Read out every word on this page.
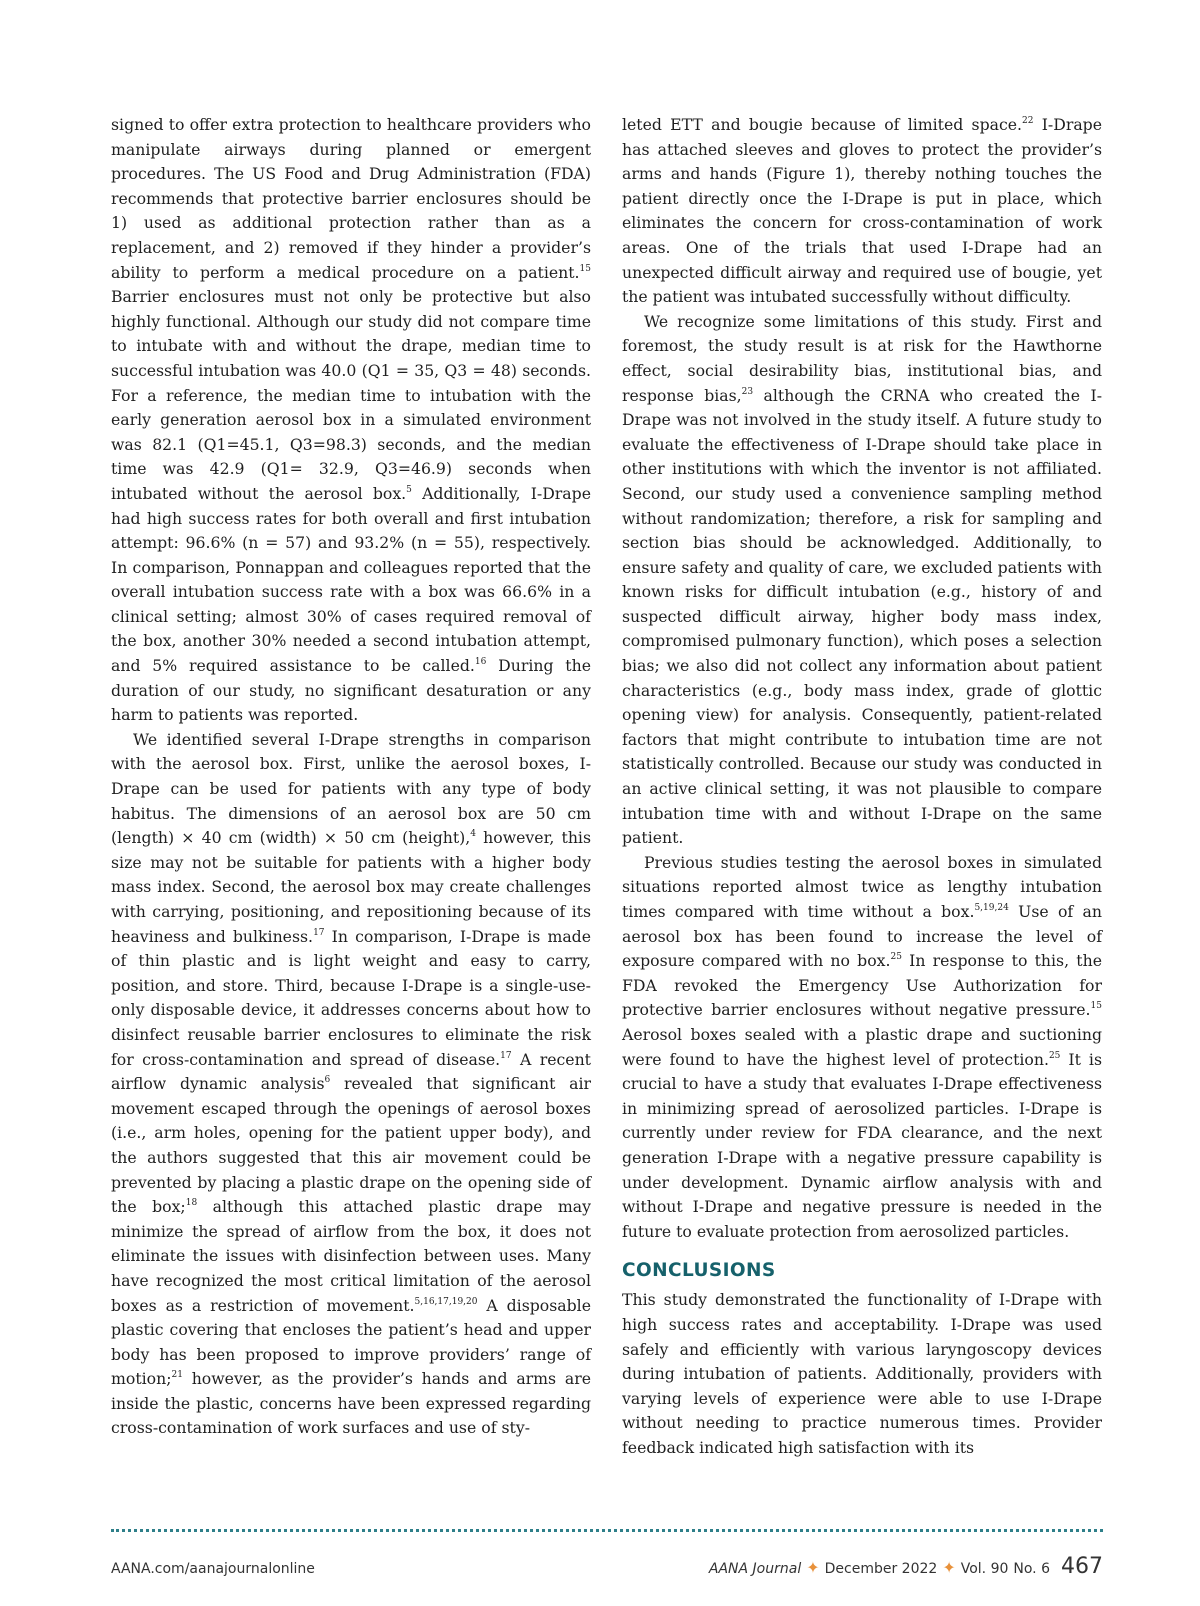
signed to offer extra protection to healthcare providers who manipulate airways during planned or emergent procedures. The US Food and Drug Administration (FDA) recommends that protective barrier enclosures should be 1) used as additional protection rather than as a replacement, and 2) removed if they hinder a provider’s ability to perform a medical procedure on a patient.$^{15}$ Barrier enclosures must not only be protective but also highly functional. Although our study did not compare time to intubate with and without the drape, median time to successful intubation was 40.0 (Q1 = 35, Q3 = 48) seconds. For a reference, the median time to intubation with the early generation aerosol box in a simulated environment was 82.1 (Q1=45.1, Q3=98.3) seconds, and the median time was 42.9 (Q1= 32.9, Q3=46.9) seconds when intubated without the aerosol box.$^5$ Additionally, I-Drape had high success rates for both overall and first intubation attempt: 96.6% (n = 57) and 93.2% (n = 55), respectively. In comparison, Ponnappan and colleagues reported that the overall intubation success rate with a box was 66.6% in a clinical setting; almost 30% of cases required removal of the box, another 30% needed a second intubation attempt, and 5% required assistance to be called.$^{16}$ During the duration of our study, no significant desaturation or any harm to patients was reported.

We identified several I-Drape strengths in comparison with the aerosol box. First, unlike the aerosol boxes, I-Drape can be used for patients with any type of body habitus. The dimensions of an aerosol box are 50 cm (length) × 40 cm (width) × 50 cm (height),$^4$ however, this size may not be suitable for patients with a higher body mass index. Second, the aerosol box may create challenges with carrying, positioning, and repositioning because of its heaviness and bulkiness.$^{17}$ In comparison, I-Drape is made of thin plastic and is light weight and easy to carry, position, and store. Third, because I-Drape is a single-use-only disposable device, it addresses concerns about how to disinfect reusable barrier enclosures to eliminate the risk for cross-contamination and spread of disease.$^{17}$ A recent airflow dynamic analysis$^6$ revealed that significant air movement escaped through the openings of aerosol boxes (i.e., arm holes, opening for the patient upper body), and the authors suggested that this air movement could be prevented by placing a plastic drape on the opening side of the box;$^{18}$ although this attached plastic drape may minimize the spread of airflow from the box, it does not eliminate the issues with disinfection between uses. Many have recognized the most critical limitation of the aerosol boxes as a restriction of movement.$^{5,16,17,19,20}$ A disposable plastic covering that encloses the patient’s head and upper body has been proposed to improve providers’ range of motion;$^{21}$ however, as the provider’s hands and arms are inside the plastic, concerns have been expressed regarding cross-contamination of work surfaces and use of sty-

leted ETT and bougie because of limited space.$^{22}$ I-Drape has attached sleeves and gloves to protect the provider’s arms and hands (Figure 1), thereby nothing touches the patient directly once the I-Drape is put in place, which eliminates the concern for cross-contamination of work areas. One of the trials that used I-Drape had an unexpected difficult airway and required use of bougie, yet the patient was intubated successfully without difficulty.

We recognize some limitations of this study. First and foremost, the study result is at risk for the Hawthorne effect, social desirability bias, institutional bias, and response bias,$^{23}$ although the CRNA who created the I-Drape was not involved in the study itself. A future study to evaluate the effectiveness of I-Drape should take place in other institutions with which the inventor is not affiliated. Second, our study used a convenience sampling method without randomization; therefore, a risk for sampling and section bias should be acknowledged. Additionally, to ensure safety and quality of care, we excluded patients with known risks for difficult intubation (e.g., history of and suspected difficult airway, higher body mass index, compromised pulmonary function), which poses a selection bias; we also did not collect any information about patient characteristics (e.g., body mass index, grade of glottic opening view) for analysis. Consequently, patient-related factors that might contribute to intubation time are not statistically controlled. Because our study was conducted in an active clinical setting, it was not plausible to compare intubation time with and without I-Drape on the same patient.

Previous studies testing the aerosol boxes in simulated situations reported almost twice as lengthy intubation times compared with time without a box.$^{5,19,24}$ Use of an aerosol box has been found to increase the level of exposure compared with no box.$^{25}$ In response to this, the FDA revoked the Emergency Use Authorization for protective barrier enclosures without negative pressure.$^{15}$ Aerosol boxes sealed with a plastic drape and suctioning were found to have the highest level of protection.$^{25}$ It is crucial to have a study that evaluates I-Drape effectiveness in minimizing spread of aerosolized particles. I-Drape is currently under review for FDA clearance, and the next generation I-Drape with a negative pressure capability is under development. Dynamic airflow analysis with and without I-Drape and negative pressure is needed in the future to evaluate protection from aerosolized particles.

CONCLUSIONS

This study demonstrated the functionality of I-Drape with high success rates and acceptability. I-Drape was used safely and efficiently with various laryngoscopy devices during intubation of patients. Additionally, providers with varying levels of experience were able to use I-Drape without needing to practice numerous times. Provider feedback indicated high satisfaction with its

AANA.com/aanajournalonline	AANA Journal ✦ December 2022 ✦ Vol. 90 No. 6 467
